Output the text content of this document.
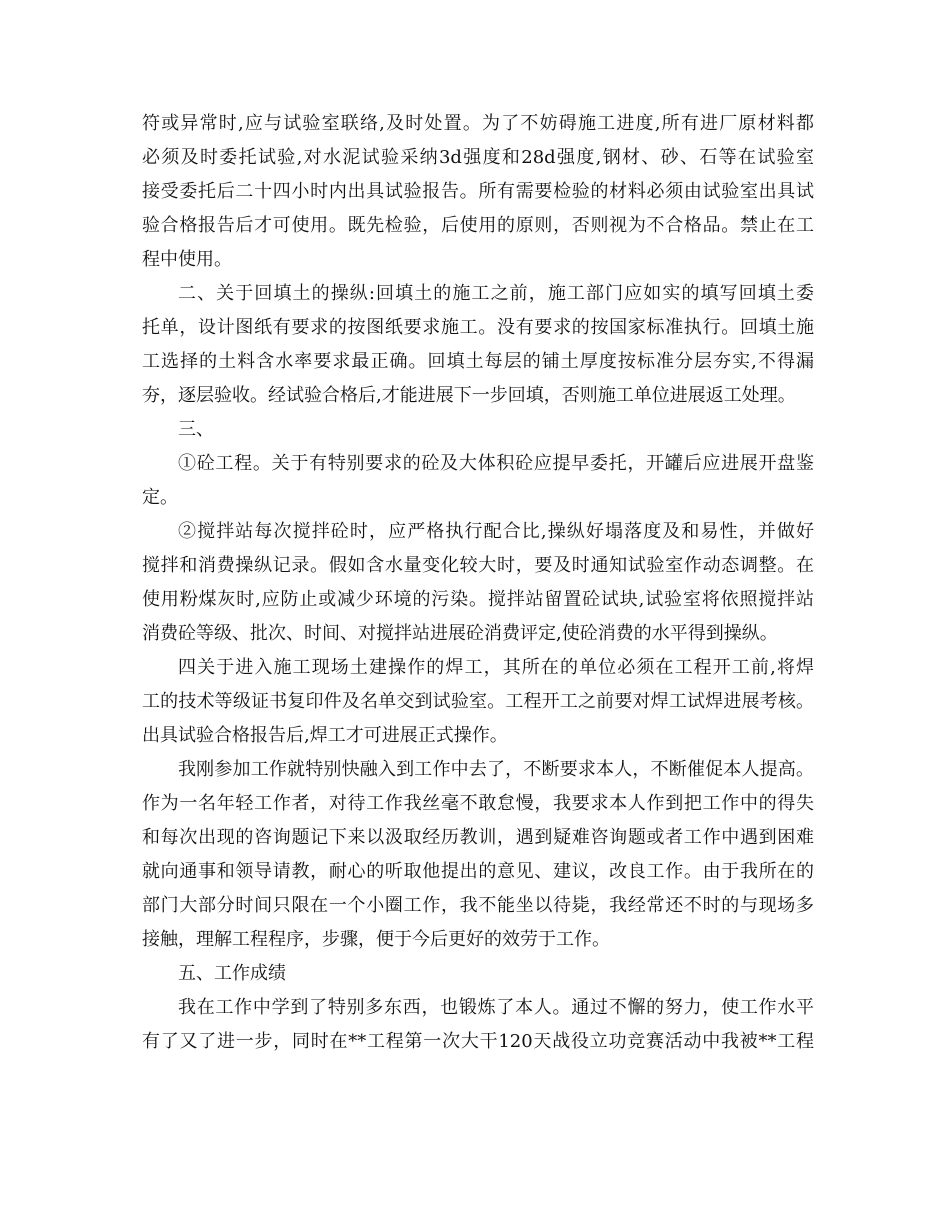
符或异常时,应与试验室联络,及时处置。为了不妨碍施工进度,所有进厂原材料都
必须及时委托试验,对水泥试验采纳3d强度和28d强度,钢材、砂、石等在试验室
接受委托后二十四小时内出具试验报告。所有需要检验的材料必须由试验室出具试
验合格报告后才可使用。既先检验，后使用的原则，否则视为不合格品。禁止在工
程中使用。
二、关于回填土的操纵:回填土的施工之前，施工部门应如实的填写回填土委
托单，设计图纸有要求的按图纸要求施工。没有要求的按国家标准执行。回填土施
工选择的土料含水率要求最正确。回填土每层的铺土厚度按标准分层夯实,不得漏
夯，逐层验收。经试验合格后,才能进展下一步回填，否则施工单位进展返工处理。
三、
①砼工程。关于有特别要求的砼及大体积砼应提早委托，开罐后应进展开盘鉴
定。
②搅拌站每次搅拌砼时，应严格执行配合比,操纵好塌落度及和易性，并做好
搅拌和消费操纵记录。假如含水量变化较大时，要及时通知试验室作动态调整。在
使用粉煤灰时,应防止或减少环境的污染。搅拌站留置砼试块,试验室将依照搅拌站
消费砼等级、批次、时间、对搅拌站进展砼消费评定,使砼消费的水平得到操纵。
四关于进入施工现场土建操作的焊工，其所在的单位必须在工程开工前,将焊
工的技术等级证书复印件及名单交到试验室。工程开工之前要对焊工试焊进展考核。
出具试验合格报告后,焊工才可进展正式操作。
我刚参加工作就特别快融入到工作中去了，不断要求本人，不断催促本人提高。
作为一名年轻工作者，对待工作我丝毫不敢怠慢，我要求本人作到把工作中的得失
和每次出现的咨询题记下来以汲取经历教训，遇到疑难咨询题或者工作中遇到困难
就向通事和领导请教，耐心的听取他提出的意见、建议，改良工作。由于我所在的
部门大部分时间只限在一个小圈工作，我不能坐以待毙，我经常还不时的与现场多
接触，理解工程程序，步骤，便于今后更好的效劳于工作。
五、工作成绩
我在工作中学到了特别多东西，也锻炼了本人。通过不懈的努力，使工作水平
有了又了进一步，同时在**工程第一次大干120天战役立功竞赛活动中我被**工程
